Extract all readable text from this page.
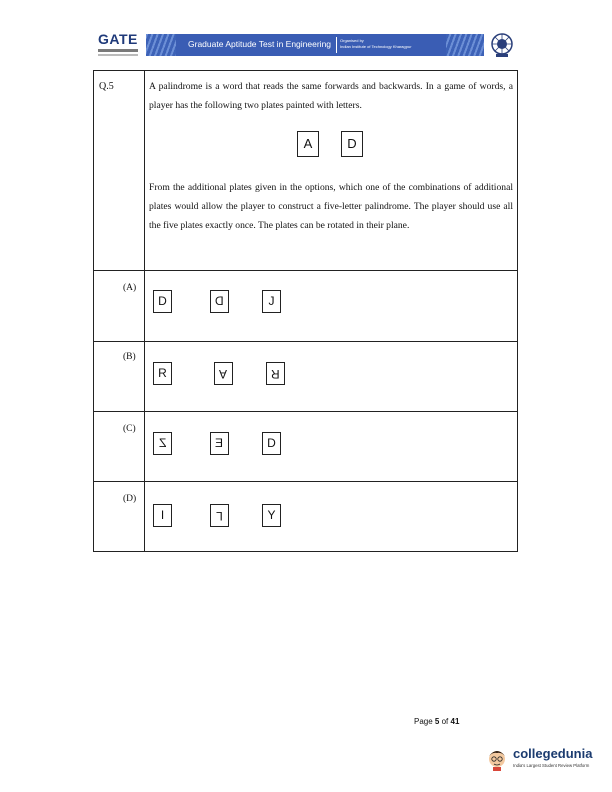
GATE	Graduate Aptitude Test in Engineering Organised by
Indian Institute of Technology Kharagpur
Q.5	A palindrome is a word that reads the same forwards and backwards. In a game of words, a player has the following two plates painted with letters.
A	D
From the additional plates given in the options, which one of the combinations of additional plates would allow the player to construct a five-letter palindrome. The player should use all the five plates exactly once. The plates can be rotated in their plane.
(A)
D	D	J
(B)
R	A	R
(C)
Z	E	D
(D)
I	L	Y
Page 5 of 41
collegedunia
India's Largest Student Review Platform
